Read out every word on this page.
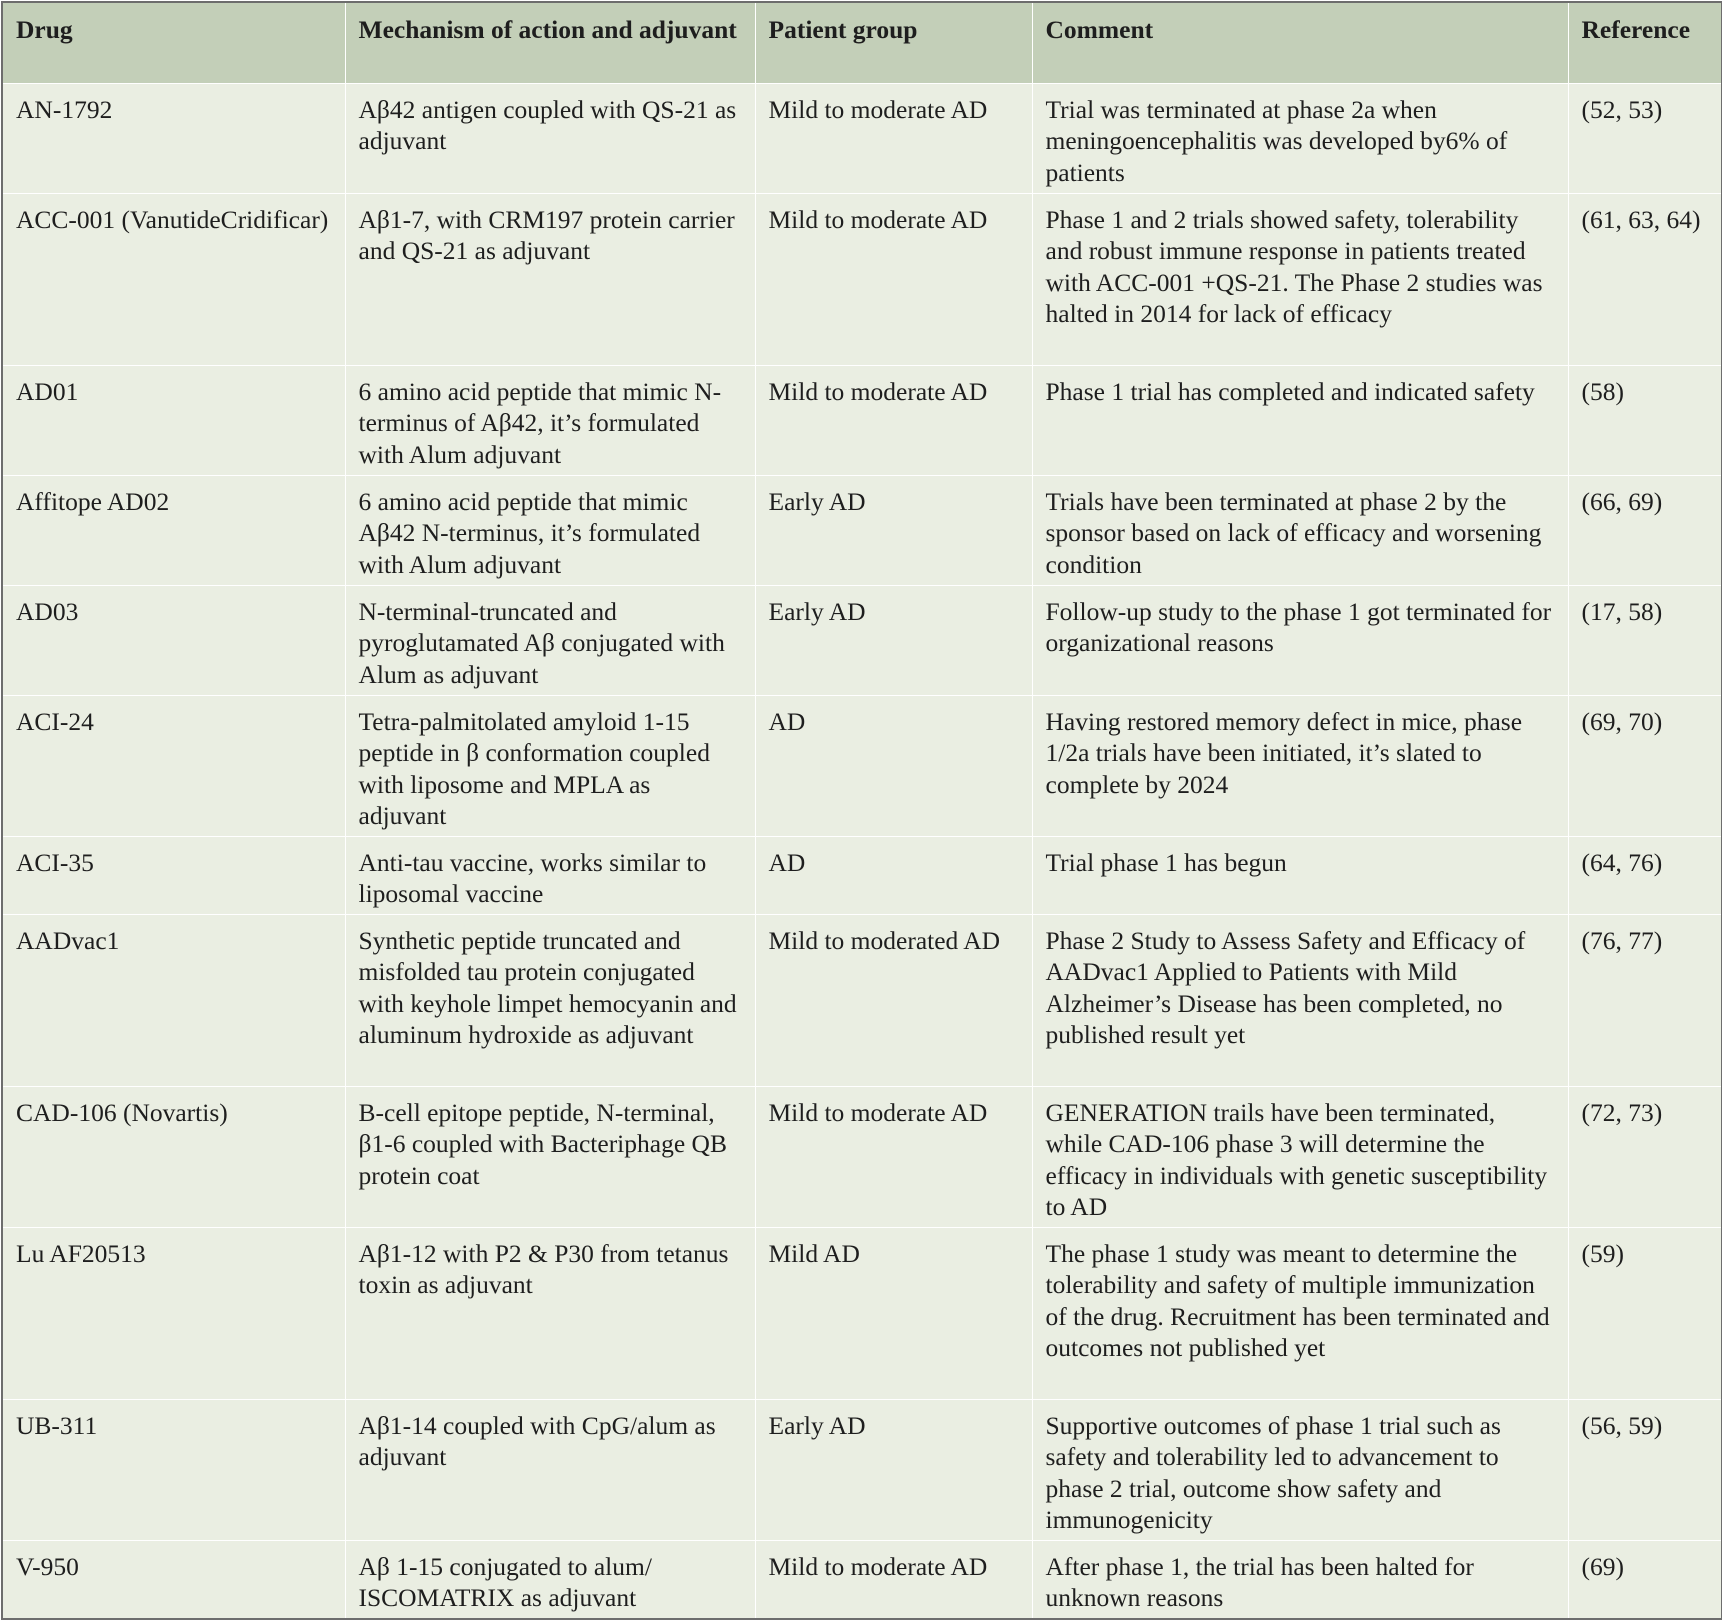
Drug	Mechanism of action and adjuvant	Patient group	Comment	Reference
AN-1792	Aβ42 antigen coupled with QS-21 as adjuvant	Mild to moderate AD	Trial was terminated at phase 2a when meningoencephalitis was developed by6% of patients	(52, 53)
ACC-001 (VanutideCridificar)	Aβ1-7, with CRM197 protein carrier and QS-21 as adjuvant	Mild to moderate AD	Phase 1 and 2 trials showed safety, tolerability and robust immune response in patients treated with ACC-001 +QS-21. The Phase 2 studies was halted in 2014 for lack of efficacy	(61, 63, 64)
AD01	6 amino acid peptide that mimic N-terminus of Aβ42, it’s formulated with Alum adjuvant	Mild to moderate AD	Phase 1 trial has completed and indicated safety	(58)
Affitope AD02	6 amino acid peptide that mimic Aβ42 N-terminus, it’s formulated with Alum adjuvant	Early AD	Trials have been terminated at phase 2 by the sponsor based on lack of efficacy and worsening condition	(66, 69)
AD03	N-terminal-truncated and pyroglutamated Aβ conjugated with Alum as adjuvant	Early AD	Follow-up study to the phase 1 got terminated for organizational reasons	(17, 58)
ACI-24	Tetra-palmitolated amyloid 1-15 peptide in β conformation coupled with liposome and MPLA as adjuvant	AD	Having restored memory defect in mice, phase 1/2a trials have been initiated, it’s slated to complete by 2024	(69, 70)
ACI-35	Anti-tau vaccine, works similar to liposomal vaccine	AD	Trial phase 1 has begun	(64, 76)
AADvac1	Synthetic peptide truncated and misfolded tau protein conjugated with keyhole limpet hemocyanin and aluminum hydroxide as adjuvant	Mild to moderated AD	Phase 2 Study to Assess Safety and Efficacy of AADvac1 Applied to Patients with Mild Alzheimer’s Disease has been completed, no published result yet	(76, 77)
CAD-106 (Novartis)	B-cell epitope peptide, N-terminal, β1-6 coupled with Bacteriphage QB protein coat	Mild to moderate AD	GENERATION trails have been terminated, while CAD-106 phase 3 will determine the efficacy in individuals with genetic susceptibility to AD	(72, 73)
Lu AF20513	Aβ1-12 with P2 & P30 from tetanus toxin as adjuvant	Mild AD	The phase 1 study was meant to determine the tolerability and safety of multiple immunization of the drug. Recruitment has been terminated and outcomes not published yet	(59)
UB-311	Aβ1-14 coupled with CpG/alum as adjuvant	Early AD	Supportive outcomes of phase 1 trial such as safety and tolerability led to advancement to phase 2 trial, outcome show safety and immunogenicity	(56, 59)
V-950	Aβ 1-15 conjugated to alum/ ISCOMATRIX as adjuvant	Mild to moderate AD	After phase 1, the trial has been halted for unknown reasons	(69)
